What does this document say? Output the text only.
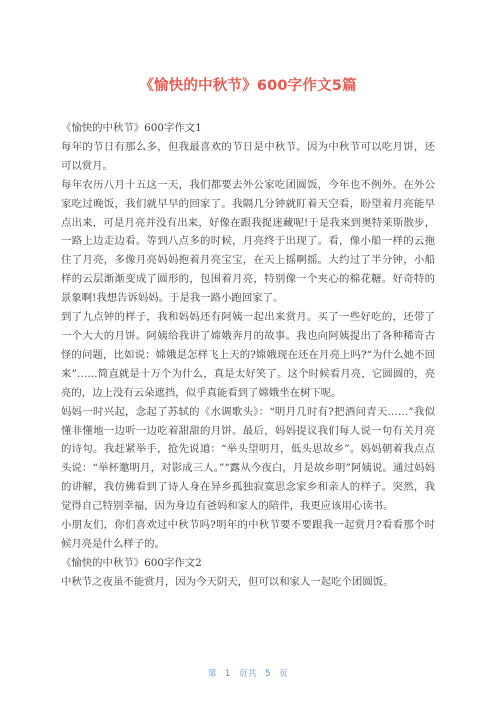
《愉快的中秋节》600字作文5篇

《愉快的中秋节》600字作文1

每年的节日有那么多，但我最喜欢的节日是中秋节。因为中秋节可以吃月饼，还可以赏月。

每年农历八月十五这一天，我们都要去外公家吃团圆饭，今年也不例外。在外公家吃过晚饭，我们就早早的回家了。我隔几分钟就盯着天空看，盼望着月亮能早点出来，可是月亮并没有出来，好像在跟我捉迷藏呢!于是我来到奥特莱斯散步，一路上边走边看。等到八点多的时候，月亮终于出现了。看，像小船一样的云拖住了月亮，多像月亮妈妈抱着月亮宝宝，在天上摇啊摇。大约过了半分钟，小船样的云层渐渐变成了圆形的，包围着月亮，特别像一个夹心的棉花糖。好奇特的景象啊!我想告诉妈妈。于是我一路小跑回家了。

到了九点钟的样子，我和妈妈还有阿姨一起出来赏月。买了一些好吃的，还带了一个大大的月饼。阿姨给我讲了嫦娥奔月的故事。我也向阿姨提出了各种稀奇古怪的问题，比如说：嫦娥是怎样飞上天的?嫦娥现在还在月亮上吗?“为什么她不回来”……简直就是十万个为什么，真是太好笑了。这个时候看月亮，它圆圆的，亮亮的，边上没有云朵遮挡，似乎真能看到了嫦娥坐在树下呢。

妈妈一时兴起，念起了苏轼的《水调歌头》：“明月几时有?把酒问青天……”我似懂非懂地一边听一边吃着甜甜的月饼。最后，妈妈提议我们每人说一句有关月亮的诗句。我赶紧举手，抢先说道：“举头望明月，低头思故乡”。妈妈朝着我点点头说：“举杯邀明月，对影成三人。”“露从今夜白，月是故乡明”阿姨说。通过妈妈的讲解，我仿佛看到了诗人身在异乡孤独寂寞思念家乡和亲人的样子。突然，我觉得自己特别幸福，因为身边有爸妈和家人的陪伴，我更应该用心读书。

小朋友们，你们喜欢过中秋节吗?明年的中秋节要不要跟我一起赏月?看看那个时候月亮是什么样子的。

《愉快的中秋节》600字作文2

中秋节之夜虽不能赏月，因为今天阴天，但可以和家人一起吃个团圆饭。

第 1 页共 5 页
